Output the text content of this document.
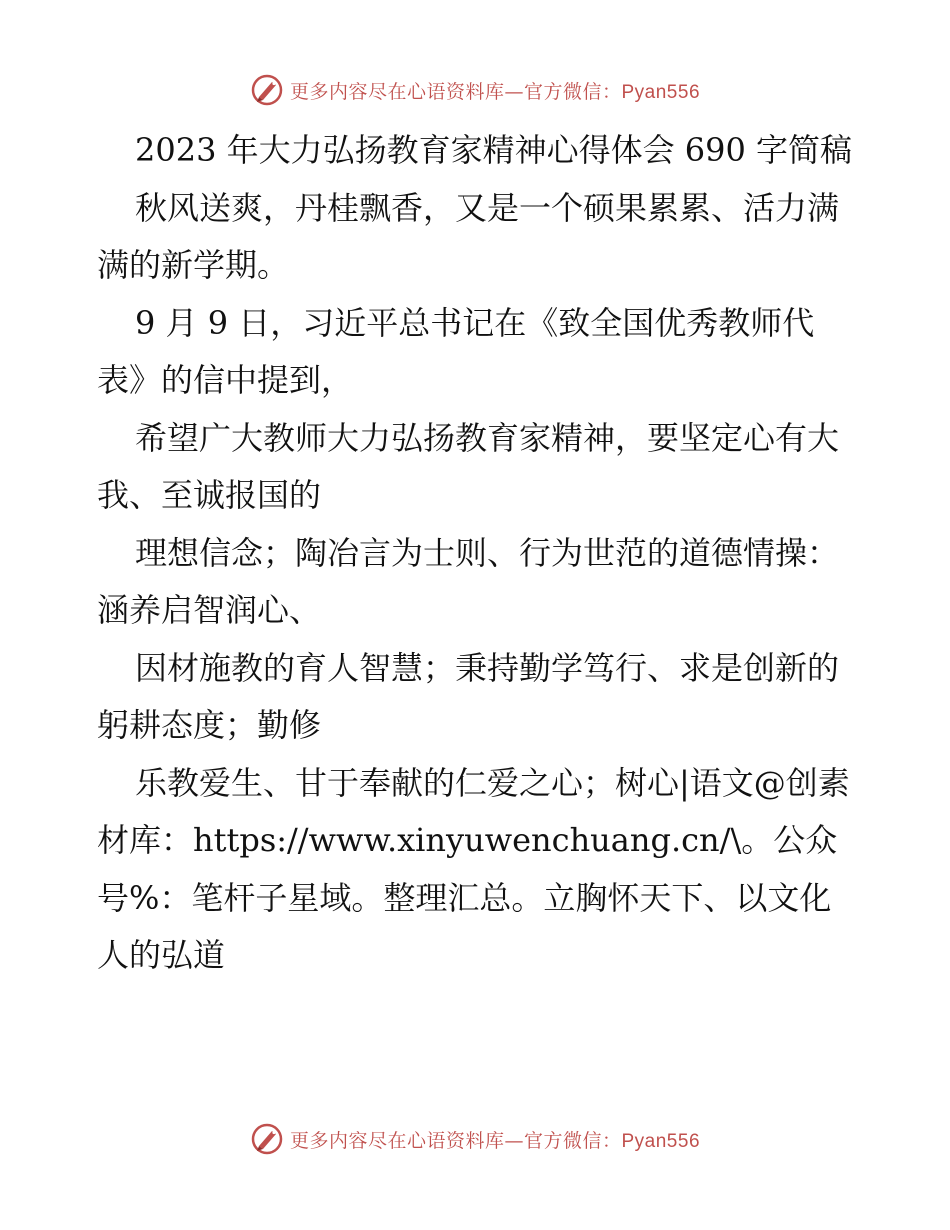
更多内容尽在心语资料库—官方微信：Pyan556

2023 年大力弘扬教育家精神心得体会 690 字简稿

秋风送爽，丹桂飘香，又是一个硕果累累、活力满满的新学期。

9 月 9 日，习近平总书记在《致全国优秀教师代表》的信中提到，

希望广大教师大力弘扬教育家精神，要坚定心有大我、至诚报国的

理想信念；陶冶言为士则、行为世范的道德情操：涵养启智润心、

因材施教的育人智慧；秉持勤学笃行、求是创新的躬耕态度；勤修

乐教爱生、甘于奉献的仁爱之心；树心|语文@创素材库：https://www.xinyuwenchuang.cn/\。公众号%：笔杆子星域。整理汇总。立胸怀天下、以文化人的弘道

更多内容尽在心语资料库—官方微信：Pyan556
